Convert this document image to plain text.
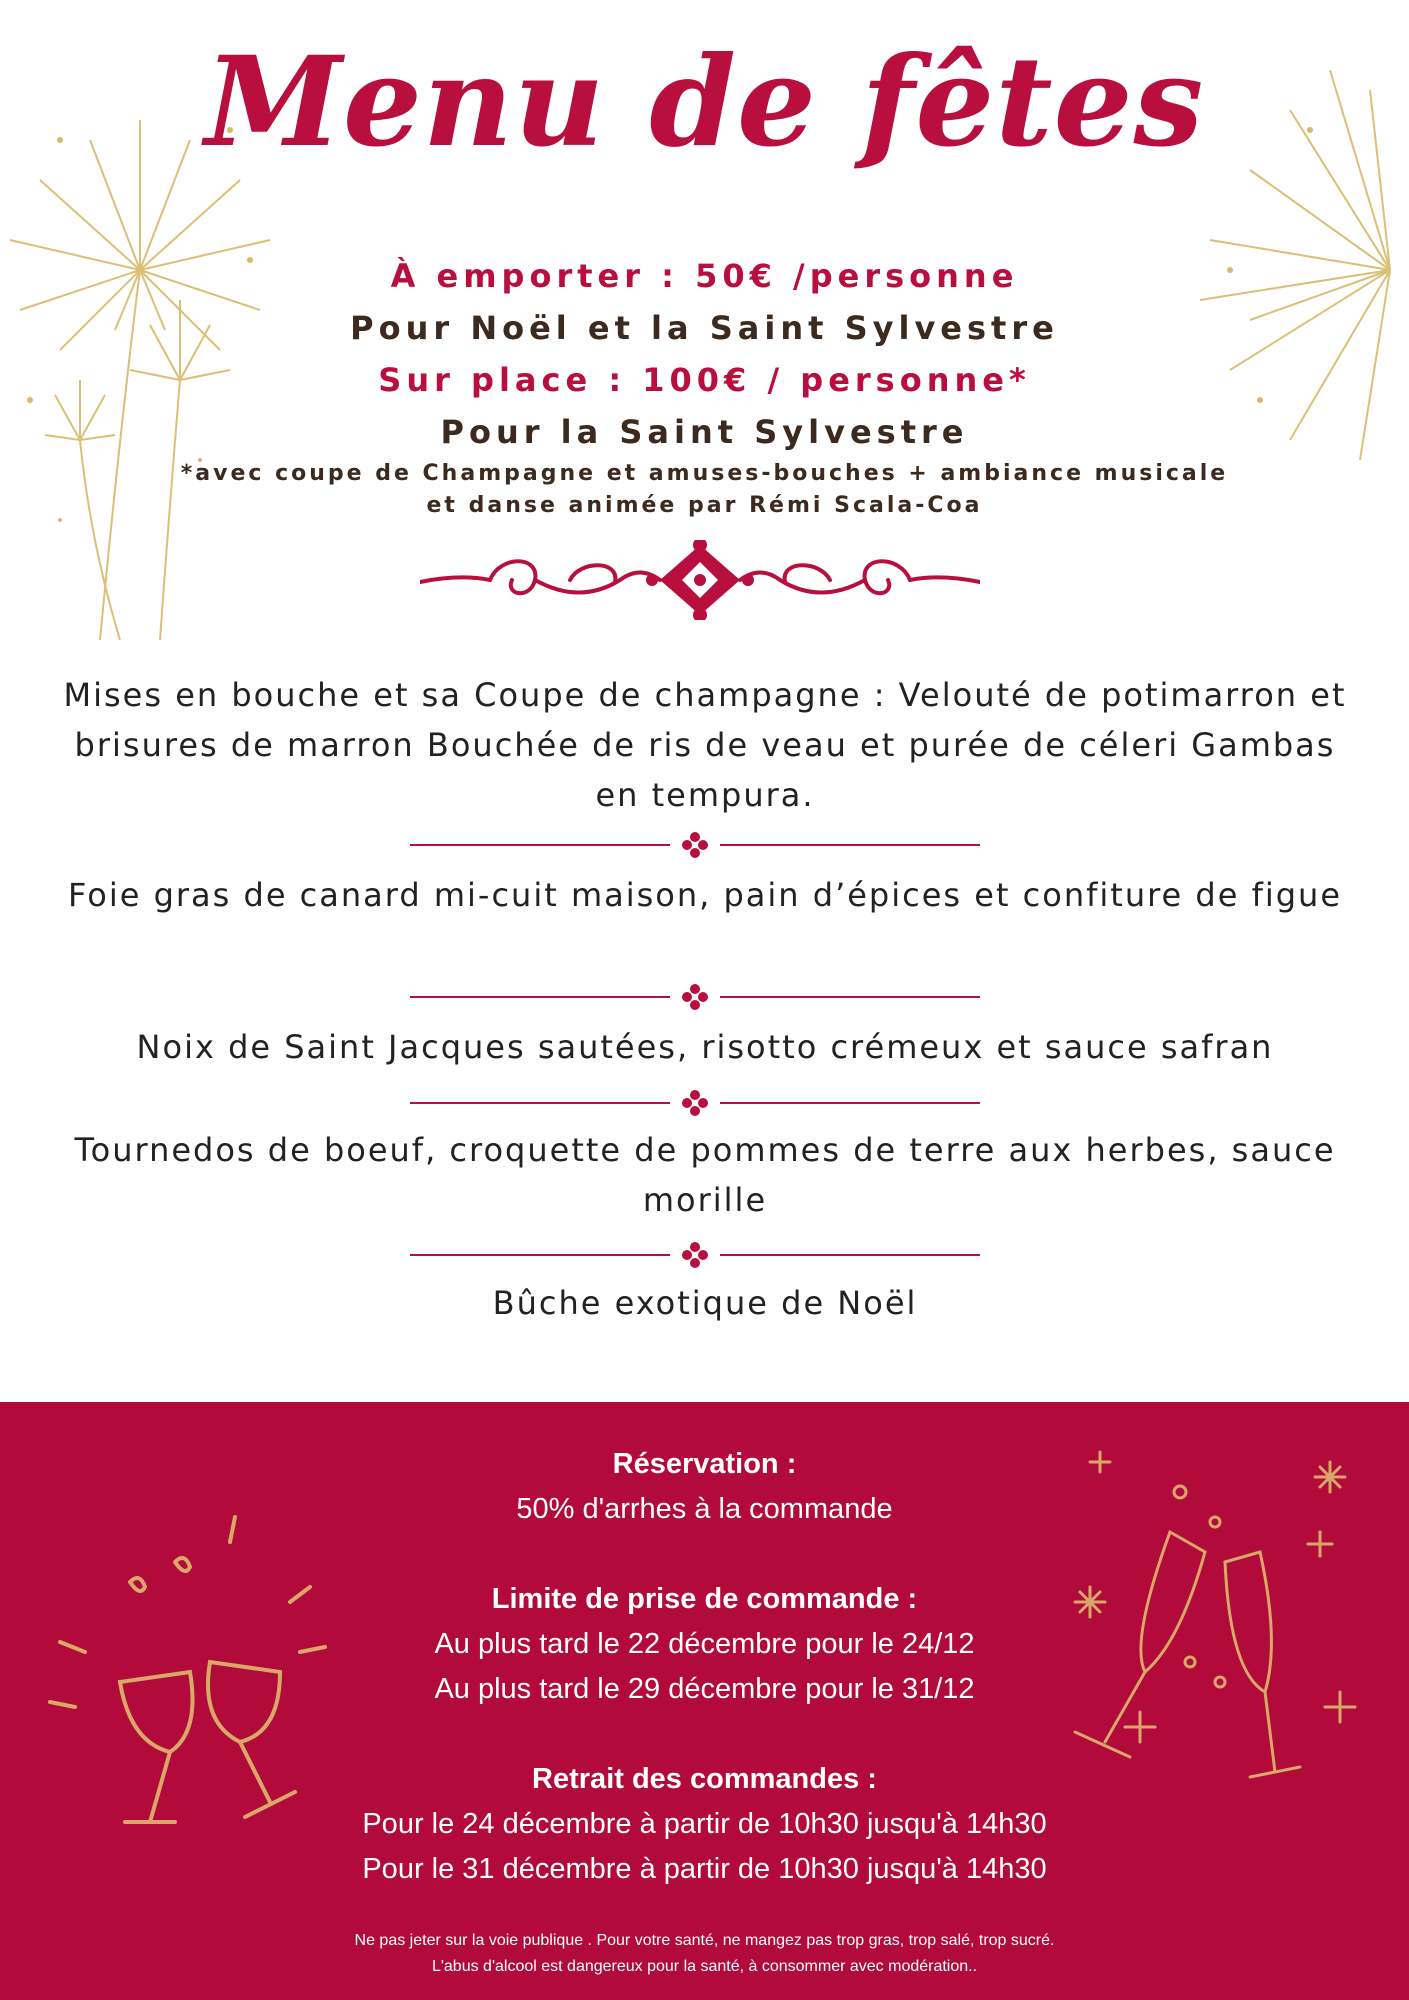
Menu de fêtes

À emporter : 50€ /personne

Pour Noël et la Saint Sylvestre

Sur place : 100€ / personne*

Pour la Saint Sylvestre

*avec coupe de Champagne et amuses-bouches + ambiance musicale

et danse animée par Rémi Scala-Coa

Mises en bouche et sa Coupe de champagne : Velouté de potimarron et brisures de marron Bouchée de ris de veau et purée de céleri Gambas en tempura.

Foie gras de canard mi-cuit maison, pain d’épices et confiture de figue

Noix de Saint Jacques sautées, risotto crémeux et sauce safran

Tournedos de boeuf, croquette de pommes de terre aux herbes, sauce morille

Bûche exotique de Noël

Réservation :

50% d'arrhes à la commande

Limite de prise de commande :

Au plus tard le 22 décembre pour le 24/12

Au plus tard le 29 décembre pour le 31/12

Retrait des commandes :

Pour le 24 décembre à partir de 10h30 jusqu'à 14h30

Pour le 31 décembre à partir de 10h30 jusqu'à 14h30

Ne pas jeter sur la voie publique . Pour votre santé, ne mangez pas trop gras, trop salé, trop sucré.

L'abus d'alcool est dangereux pour la santé, à consommer avec modération..
